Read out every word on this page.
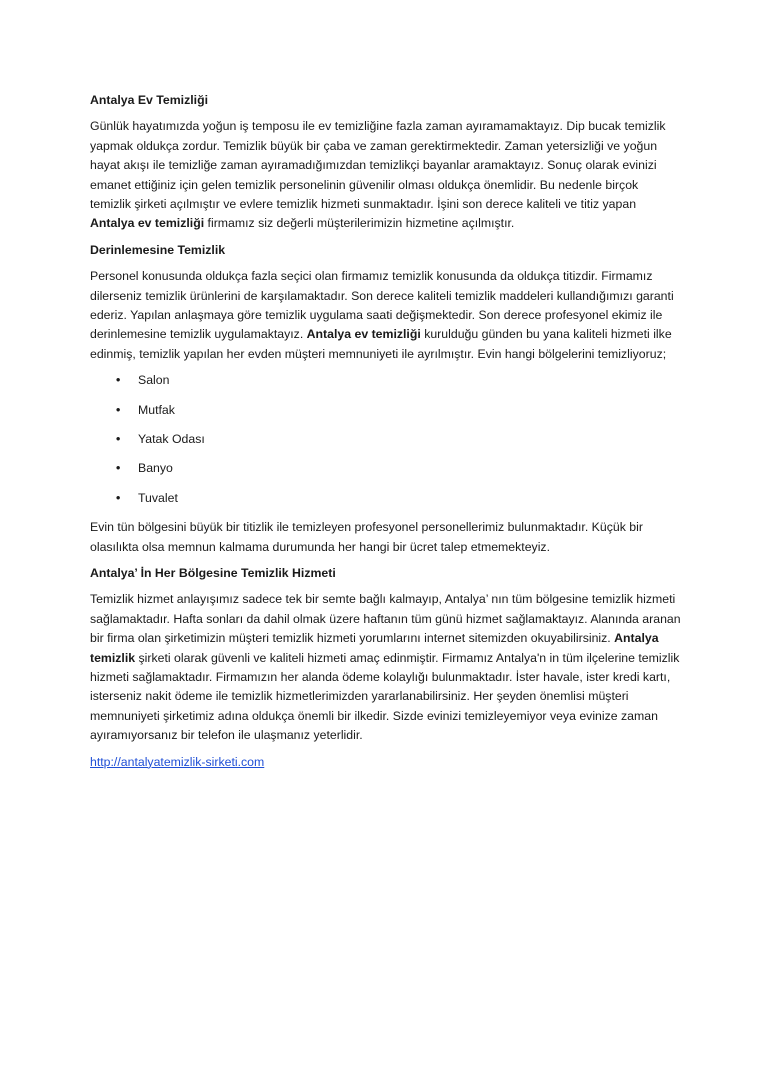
Antalya Ev Temizliği

Günlük hayatımızda yoğun iş temposu ile ev temizliğine fazla zaman ayıramamaktayız. Dip bucak temizlik yapmak oldukça zordur. Temizlik büyük bir çaba ve zaman gerektirmektedir. Zaman yetersizliği ve yoğun hayat akışı ile temizliğe zaman ayıramadığımızdan temizlikçi bayanlar aramaktayız. Sonuç olarak evinizi emanet ettiğiniz için gelen temizlik personelinin güvenilir olması oldukça önemlidir. Bu nedenle birçok temizlik şirketi açılmıştır ve evlere temizlik hizmeti sunmaktadır. İşini son derece kaliteli ve titiz yapan Antalya ev temizliği firmamız siz değerli müşterilerimizin hizmetine açılmıştır.

Derinlemesine Temizlik

Personel konusunda oldukça fazla seçici olan firmamız temizlik konusunda da oldukça titizdir. Firmamız dilerseniz temizlik ürünlerini de karşılamaktadır. Son derece kaliteli temizlik maddeleri kullandığımızı garanti ederiz. Yapılan anlaşmaya göre temizlik uygulama saati değişmektedir. Son derece profesyonel ekimiz ile derinlemesine temizlik uygulamaktayız. Antalya ev temizliği kurulduğu günden bu yana kaliteli hizmeti ilke edinmiş, temizlik yapılan her evden müşteri memnuniyeti ile ayrılmıştır. Evin hangi bölgelerini temizliyoruz;

• Salon
• Mutfak
• Yatak Odası
• Banyo
• Tuvalet

Evin tün bölgesini büyük bir titizlik ile temizleyen profesyonel personellerimiz bulunmaktadır. Küçük bir olasılıkta olsa memnun kalmama durumunda her hangi bir ücret talep etmemekteyiz.

Antalya’ İn Her Bölgesine Temizlik Hizmeti

Temizlik hizmet anlayışımız sadece tek bir semte bağlı kalmayıp, Antalya’ nın tüm bölgesine temizlik hizmeti sağlamaktadır. Hafta sonları da dahil olmak üzere haftanın tüm günü hizmet sağlamaktayız. Alanında aranan bir firma olan şirketimizin müşteri temizlik hizmeti yorumlarını internet sitemizden okuyabilirsiniz. Antalya temizlik şirketi olarak güvenli ve kaliteli hizmeti amaç edinmiştir. Firmamız Antalya'n in tüm ilçelerine temizlik hizmeti sağlamaktadır. Firmamızın her alanda ödeme kolaylığı bulunmaktadır. İster havale, ister kredi kartı, isterseniz nakit ödeme ile temizlik hizmetlerimizden yararlanabilirsiniz. Her şeyden önemlisi müşteri memnuniyeti şirketimiz adına oldukça önemli bir ilkedir. Sizde evinizi temizleyemiyor veya evinize zaman ayıramıyorsanız bir telefon ile ulaşmanız yeterlidir.

http://antalyatemizlik-sirketi.com
